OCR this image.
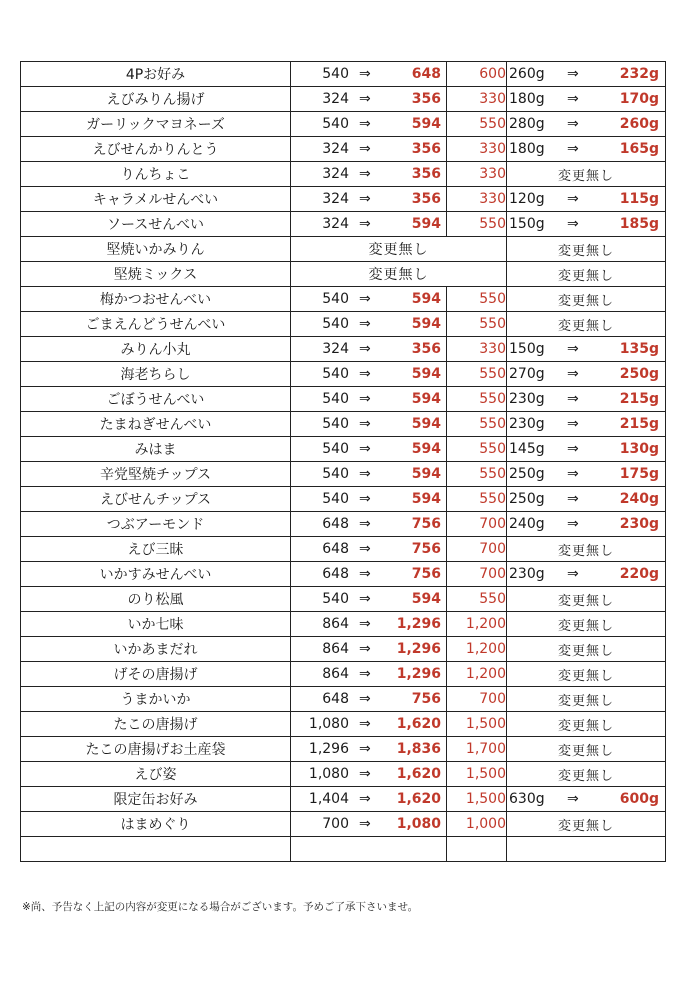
4Pお好み	540 ⇒ 648	600	260g ⇒ 232g

えびみりん揚げ	324 ⇒ 356	330	180g ⇒ 170g

ガーリックマヨネーズ	540 ⇒ 594	550	280g ⇒ 260g

えびせんかりんとう	324 ⇒ 356	330	180g ⇒ 165g

りんちょこ	324 ⇒ 356	330	変更無し

キャラメルせんべい	324 ⇒ 356	330	120g ⇒ 115g

ソースせんべい	324 ⇒ 594	550	150g ⇒ 185g

堅焼いかみりん	変更無し		変更無し

堅焼ミックス	変更無し		変更無し

梅かつおせんべい	540 ⇒ 594	550	変更無し

ごまえんどうせんべい	540 ⇒ 594	550	変更無し

みりん小丸	324 ⇒ 356	330	150g ⇒ 135g

海老ちらし	540 ⇒ 594	550	270g ⇒ 250g

ごぼうせんべい	540 ⇒ 594	550	230g ⇒ 215g

たまねぎせんべい	540 ⇒ 594	550	230g ⇒ 215g

みはま	540 ⇒ 594	550	145g ⇒ 130g

辛党堅焼チップス	540 ⇒ 594	550	250g ⇒ 175g

えびせんチップス	540 ⇒ 594	550	250g ⇒ 240g

つぶアーモンド	648 ⇒ 756	700	240g ⇒ 230g

えび三昧	648 ⇒ 756	700	変更無し

いかすみせんべい	648 ⇒ 756	700	230g ⇒ 220g

のり松風	540 ⇒ 594	550	変更無し

いか七味	864 ⇒ 1,296	1,200	変更無し

いかあまだれ	864 ⇒ 1,296	1,200	変更無し

げその唐揚げ	864 ⇒ 1,296	1,200	変更無し

うまかいか	648 ⇒ 756	700	変更無し

たこの唐揚げ	1,080 ⇒ 1,620	1,500	変更無し

たこの唐揚げお土産袋	1,296 ⇒ 1,836	1,700	変更無し

えび姿	1,080 ⇒ 1,620	1,500	変更無し

限定缶お好み	1,404 ⇒ 1,620	1,500	630g ⇒ 600g

はまめぐり	700 ⇒ 1,080	1,000	変更無し

※尚、予告なく上記の内容が変更になる場合がございます。予めご了承下さいませ。
